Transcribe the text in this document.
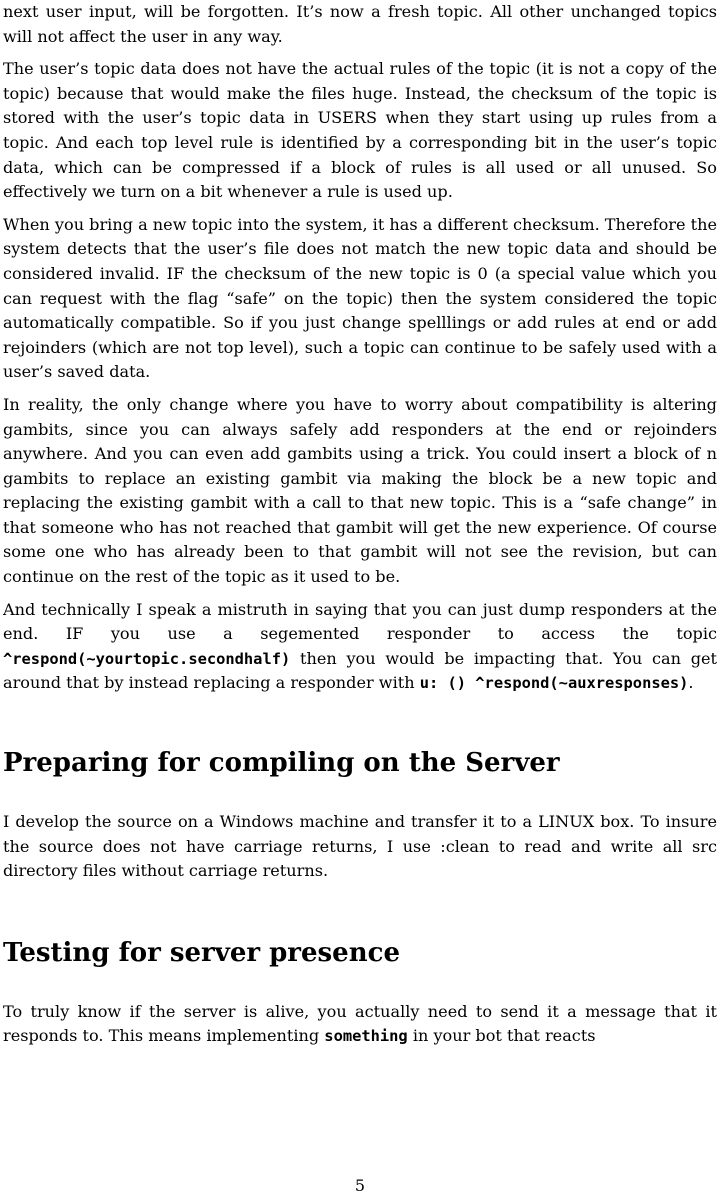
next user input, will be forgotten. It’s now a fresh topic. All other unchanged topics will not affect the user in any way.

The user’s topic data does not have the actual rules of the topic (it is not a copy of the topic) because that would make the files huge. Instead, the checksum of the topic is stored with the user’s topic data in USERS when they start using up rules from a topic. And each top level rule is identified by a corresponding bit in the user’s topic data, which can be compressed if a block of rules is all used or all unused. So effectively we turn on a bit whenever a rule is used up.

When you bring a new topic into the system, it has a different checksum. Therefore the system detects that the user’s file does not match the new topic data and should be considered invalid. IF the checksum of the new topic is 0 (a special value which you can request with the flag “safe” on the topic) then the system considered the topic automatically compatible. So if you just change spelllings or add rules at end or add rejoinders (which are not top level), such a topic can continue to be safely used with a user’s saved data.

In reality, the only change where you have to worry about compatibility is altering gambits, since you can always safely add responders at the end or rejoinders anywhere. And you can even add gambits using a trick. You could insert a block of n gambits to replace an existing gambit via making the block be a new topic and replacing the existing gambit with a call to that new topic. This is a “safe change” in that someone who has not reached that gambit will get the new experience. Of course some one who has already been to that gambit will not see the revision, but can continue on the rest of the topic as it used to be.

And technically I speak a mistruth in saying that you can just dump responders at the end. IF you use a segemented responder to access the topic ^respond(~yourtopic.secondhalf) then you would be impacting that. You can get around that by instead replacing a responder with u: () ^respond(~auxresponses).

Preparing for compiling on the Server

I develop the source on a Windows machine and transfer it to a LINUX box. To insure the source does not have carriage returns, I use :clean to read and write all src directory files without carriage returns.

Testing for server presence

To truly know if the server is alive, you actually need to send it a message that it responds to. This means implementing something in your bot that reacts

5
